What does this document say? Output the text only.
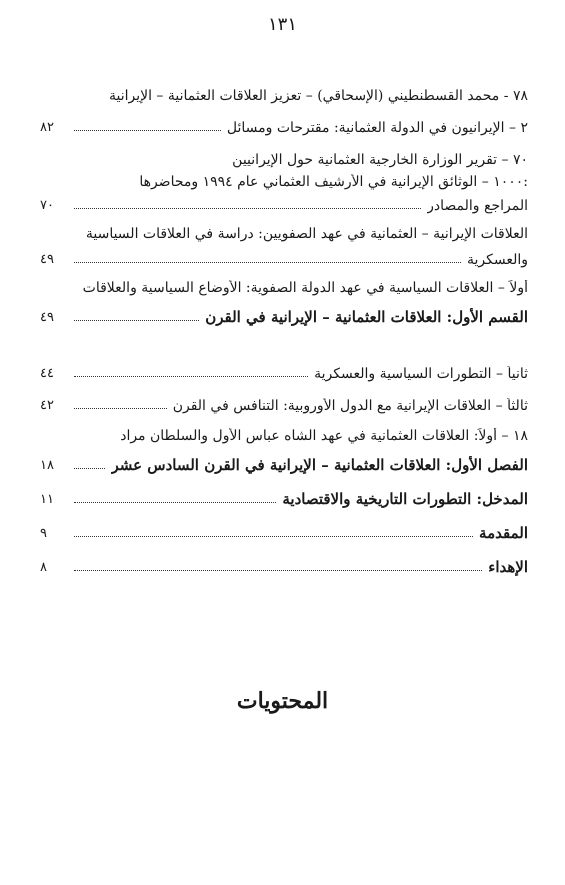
١٣١
٧٨ - محمد القسطنطيني (الإسحاقي) – تعزيز العلاقات العثمانية – الإيرانية
٨٢	٢ – الإيرانيون في الدولة العثمانية: مقترحات ومسائل
٧٠ – تقرير الوزارة الخارجية العثمانية حول الإيرانيين
:١٠٠٠ – الوثائق الإيرانية في الأرشيف العثماني عام ١٩٩٤ ومحاضرها
٧٠	المراجع والمصادر
العلاقات الإيرانية – العثمانية في عهد الصفويين: دراسة في العلاقات السياسية
٤٩	والعسكرية
أولاً – العلاقات السياسية في عهد الدولة الصفوية: الأوضاع السياسية والعلاقات
٤٩	القسم الأول: العلاقات العثمانية – الإيرانية في القرن
٤٤	ثانياً – التطورات السياسية والعسكرية
٤٢	ثالثاً – العلاقات الإيرانية مع الدول الأوروبية: التنافس في القرن
١٨ – أولاً: العلاقات العثمانية في عهد الشاه عباس الأول والسلطان مراد
١٨	الفصل الأول: العلاقات العثمانية – الإيرانية في القرن السادس عشر
١١	المدخل: التطورات التاريخية والاقتصادية
٩	المقدمة
٨	الإهداء
المحتويات
